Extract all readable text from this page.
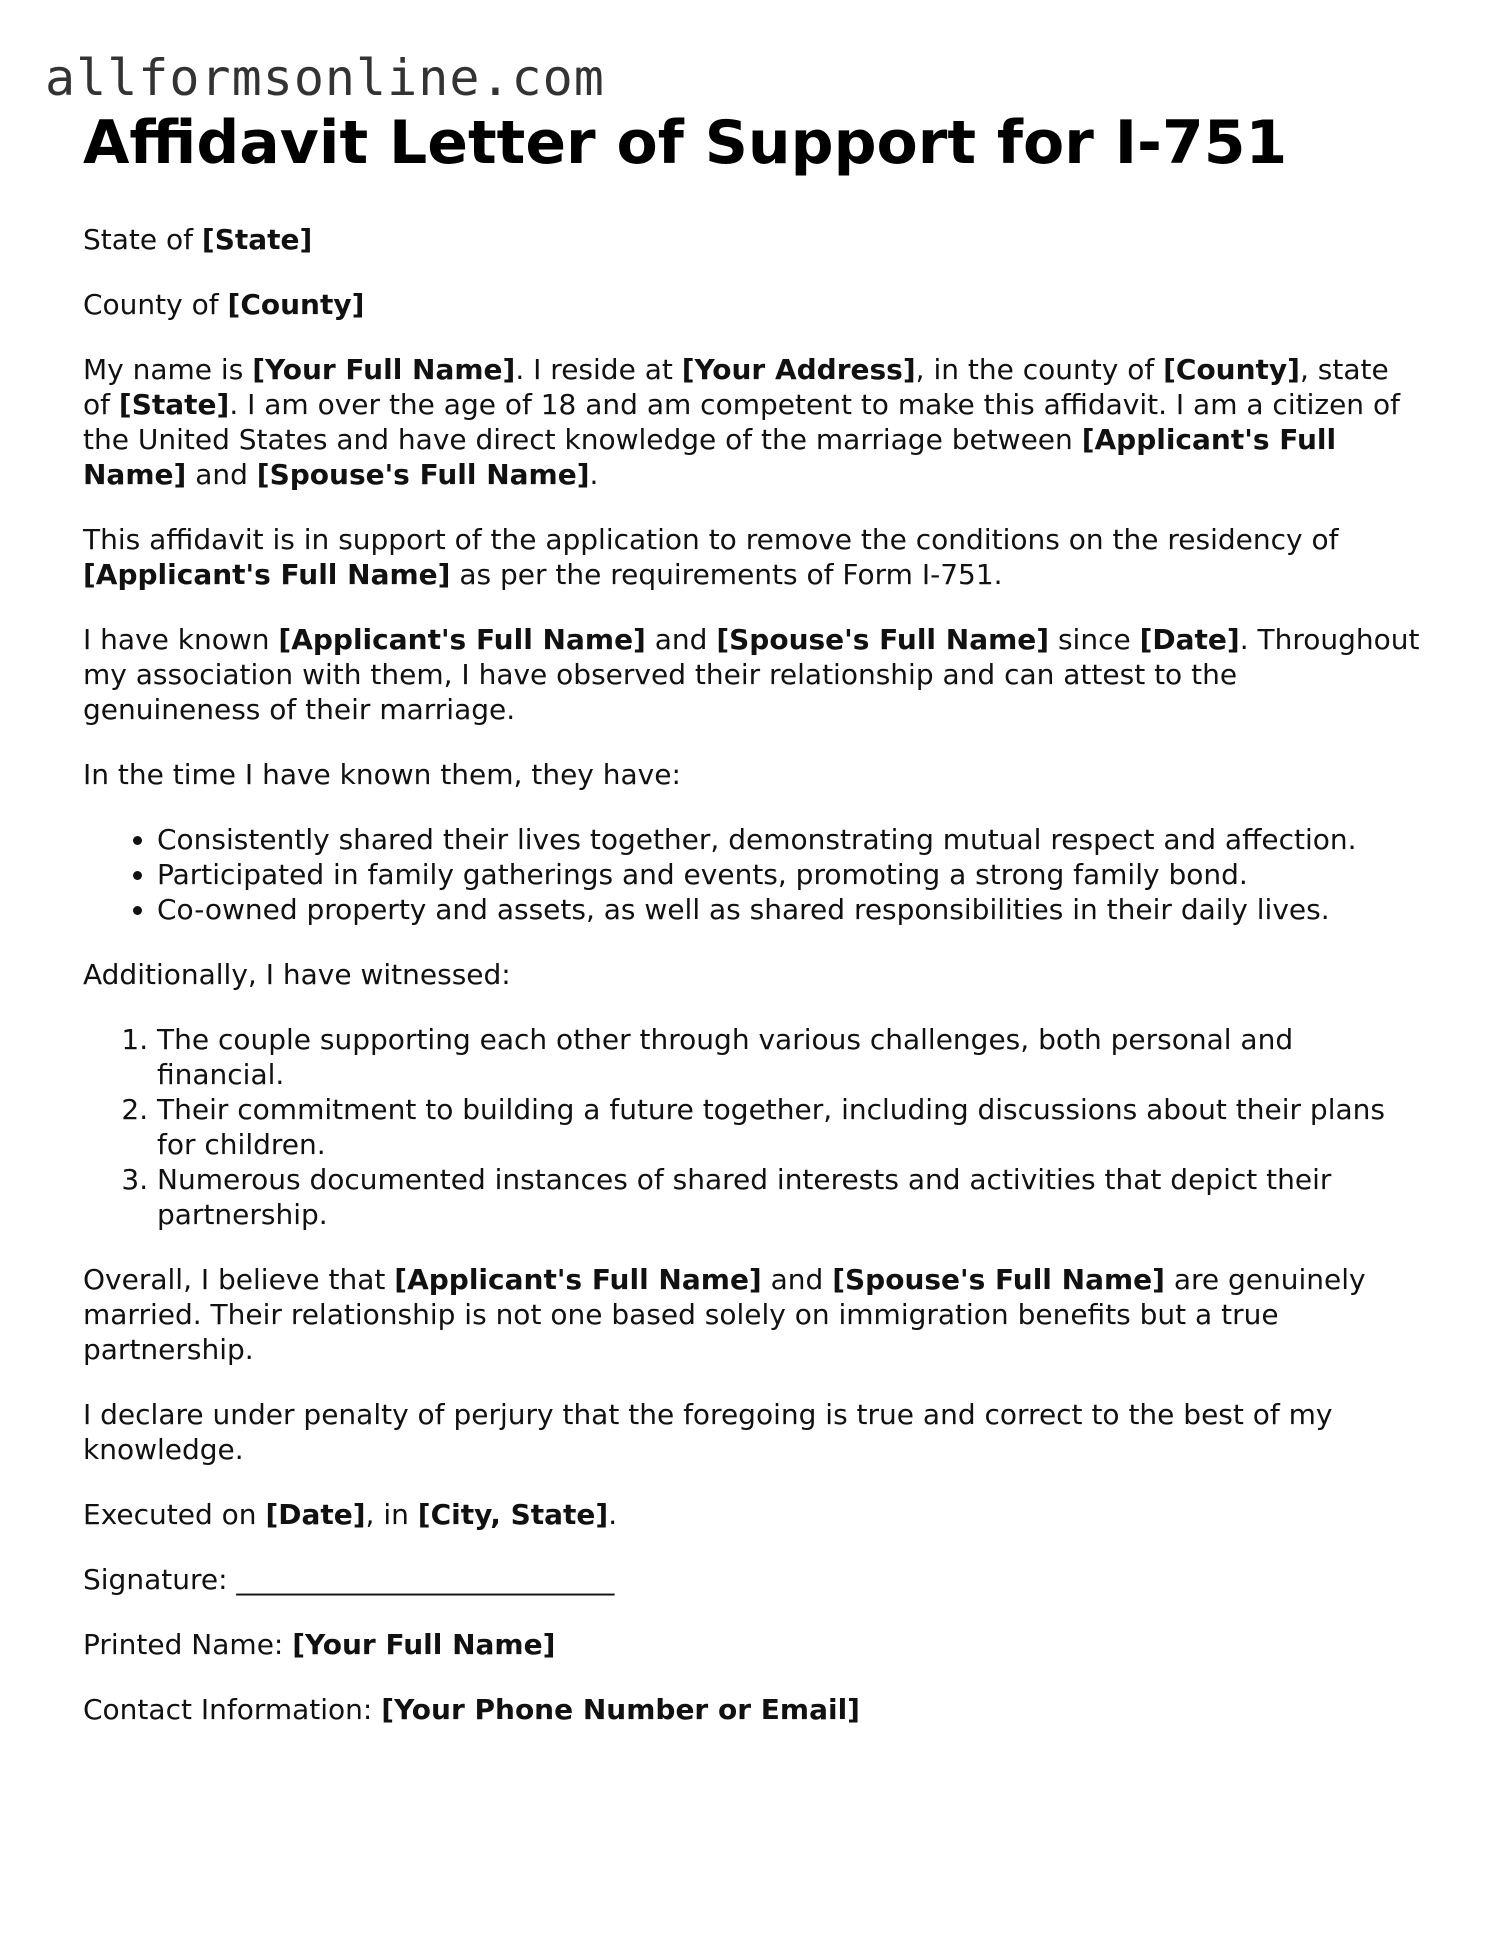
allformsonline.com
Affidavit Letter of Support for I-751

State of [State]

County of [County]

My name is [Your Full Name]. I reside at [Your Address], in the county of [County], state of [State]. I am over the age of 18 and am competent to make this affidavit. I am a citizen of the United States and have direct knowledge of the marriage between [Applicant's Full Name] and [Spouse's Full Name].

This affidavit is in support of the application to remove the conditions on the residency of [Applicant's Full Name] as per the requirements of Form I-751.

I have known [Applicant's Full Name] and [Spouse's Full Name] since [Date]. Throughout my association with them, I have observed their relationship and can attest to the genuineness of their marriage.

In the time I have known them, they have:

• Consistently shared their lives together, demonstrating mutual respect and affection.
• Participated in family gatherings and events, promoting a strong family bond.
• Co-owned property and assets, as well as shared responsibilities in their daily lives.

Additionally, I have witnessed:

1. The couple supporting each other through various challenges, both personal and financial.
2. Their commitment to building a future together, including discussions about their plans for children.
3. Numerous documented instances of shared interests and activities that depict their partnership.

Overall, I believe that [Applicant's Full Name] and [Spouse's Full Name] are genuinely married. Their relationship is not one based solely on immigration benefits but a true partnership.

I declare under penalty of perjury that the foregoing is true and correct to the best of my knowledge.

Executed on [Date], in [City, State].

Signature: ___________________________

Printed Name: [Your Full Name]

Contact Information: [Your Phone Number or Email]
